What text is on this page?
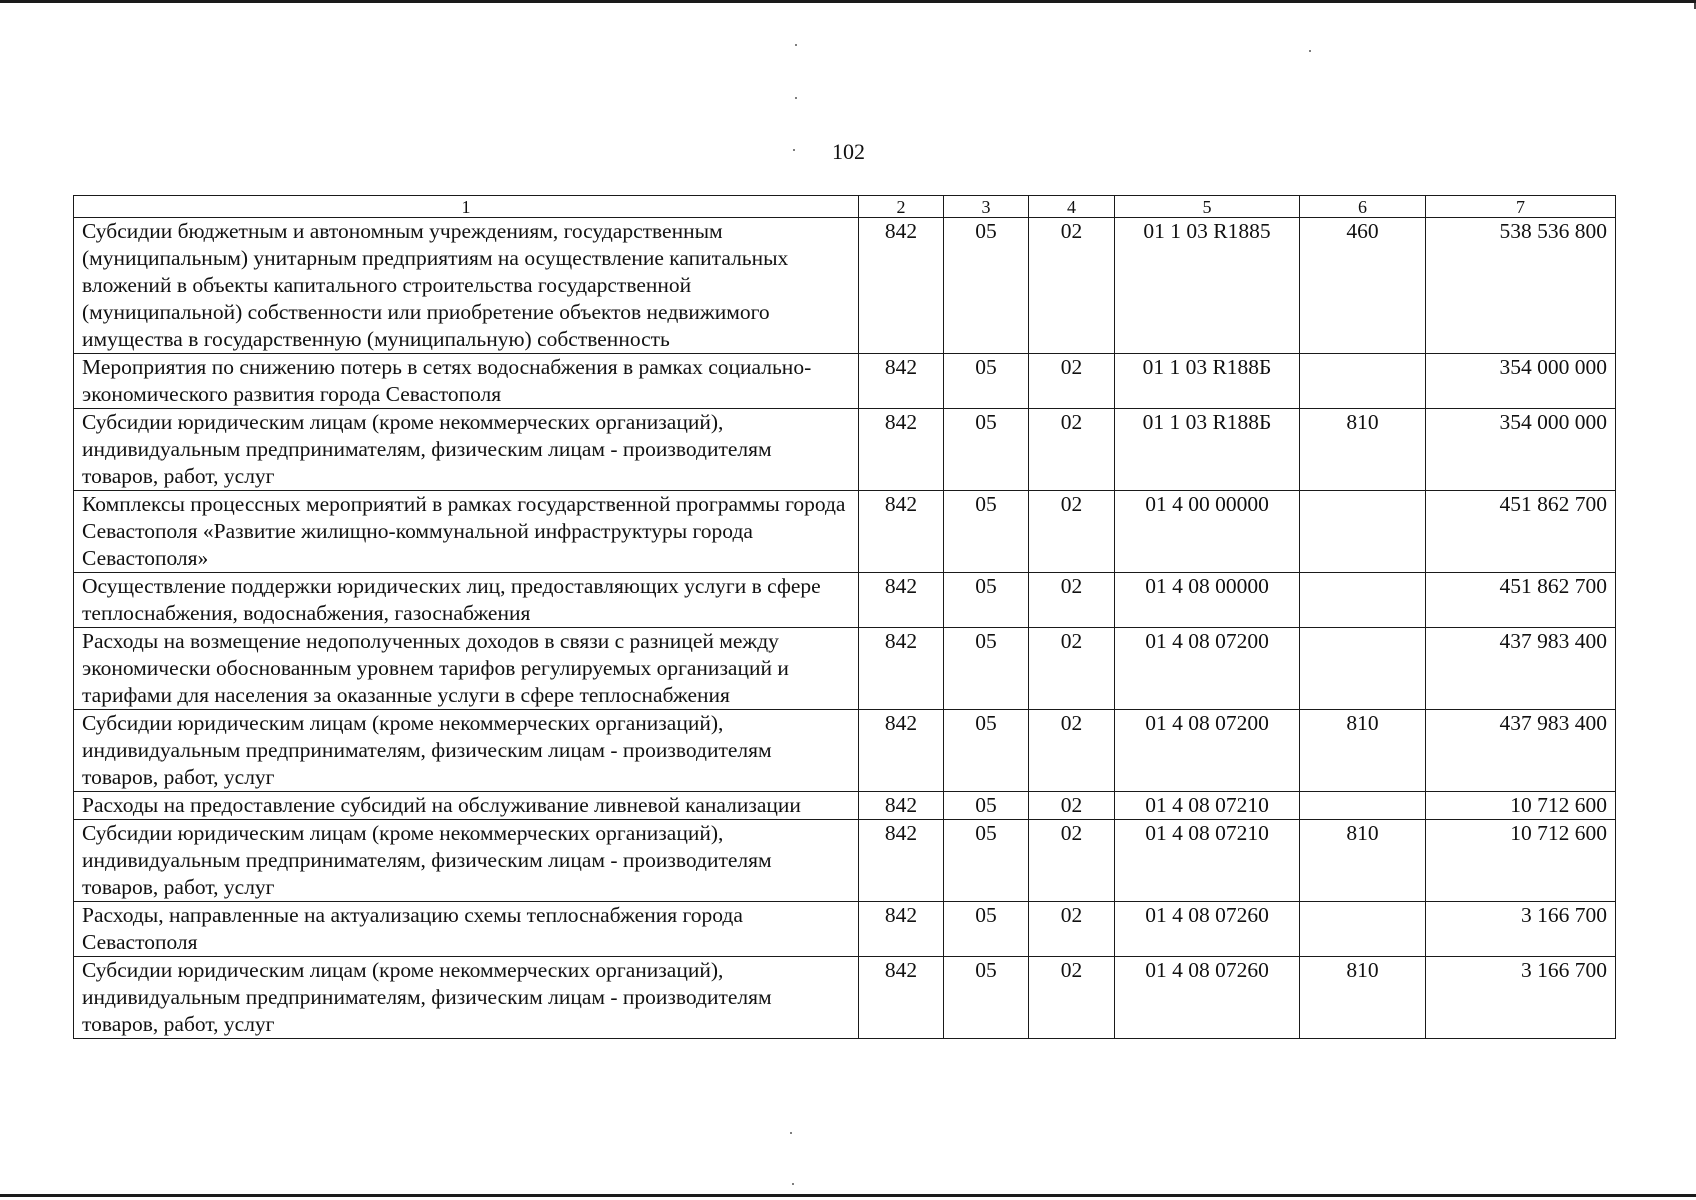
102
1	2	3	4	5	6	7
Субсидии бюджетным и автономным учреждениям, государственным (муниципальным) унитарным предприятиям на осуществление капитальных вложений в объекты капитального строительства государственной (муниципальной) собственности или приобретение объектов недвижимого имущества в государственную (муниципальную) собственность	842	05	02	01 1 03 R1885	460	538 536 800
Мероприятия по снижению потерь в сетях водоснабжения в рамках социально-экономического развития города Севастополя	842	05	02	01 1 03 R188Б		354 000 000
Субсидии юридическим лицам (кроме некоммерческих организаций), индивидуальным предпринимателям, физическим лицам - производителям товаров, работ, услуг	842	05	02	01 1 03 R188Б	810	354 000 000
Комплексы процессных мероприятий в рамках государственной программы города Севастополя «Развитие жилищно-коммунальной инфраструктуры города Севастополя»	842	05	02	01 4 00 00000		451 862 700
Осуществление поддержки юридических лиц, предоставляющих услуги в сфере теплоснабжения, водоснабжения, газоснабжения	842	05	02	01 4 08 00000		451 862 700
Расходы на возмещение недополученных доходов в связи с разницей между экономически обоснованным уровнем тарифов регулируемых организаций и тарифами для населения за оказанные услуги в сфере теплоснабжения	842	05	02	01 4 08 07200		437 983 400
Субсидии юридическим лицам (кроме некоммерческих организаций), индивидуальным предпринимателям, физическим лицам - производителям товаров, работ, услуг	842	05	02	01 4 08 07200	810	437 983 400
Расходы на предоставление субсидий на обслуживание ливневой канализации	842	05	02	01 4 08 07210		10 712 600
Субсидии юридическим лицам (кроме некоммерческих организаций), индивидуальным предпринимателям, физическим лицам - производителям товаров, работ, услуг	842	05	02	01 4 08 07210	810	10 712 600
Расходы, направленные на актуализацию схемы теплоснабжения города Севастополя	842	05	02	01 4 08 07260		3 166 700
Субсидии юридическим лицам (кроме некоммерческих организаций), индивидуальным предпринимателям, физическим лицам - производителям товаров, работ, услуг	842	05	02	01 4 08 07260	810	3 166 700
